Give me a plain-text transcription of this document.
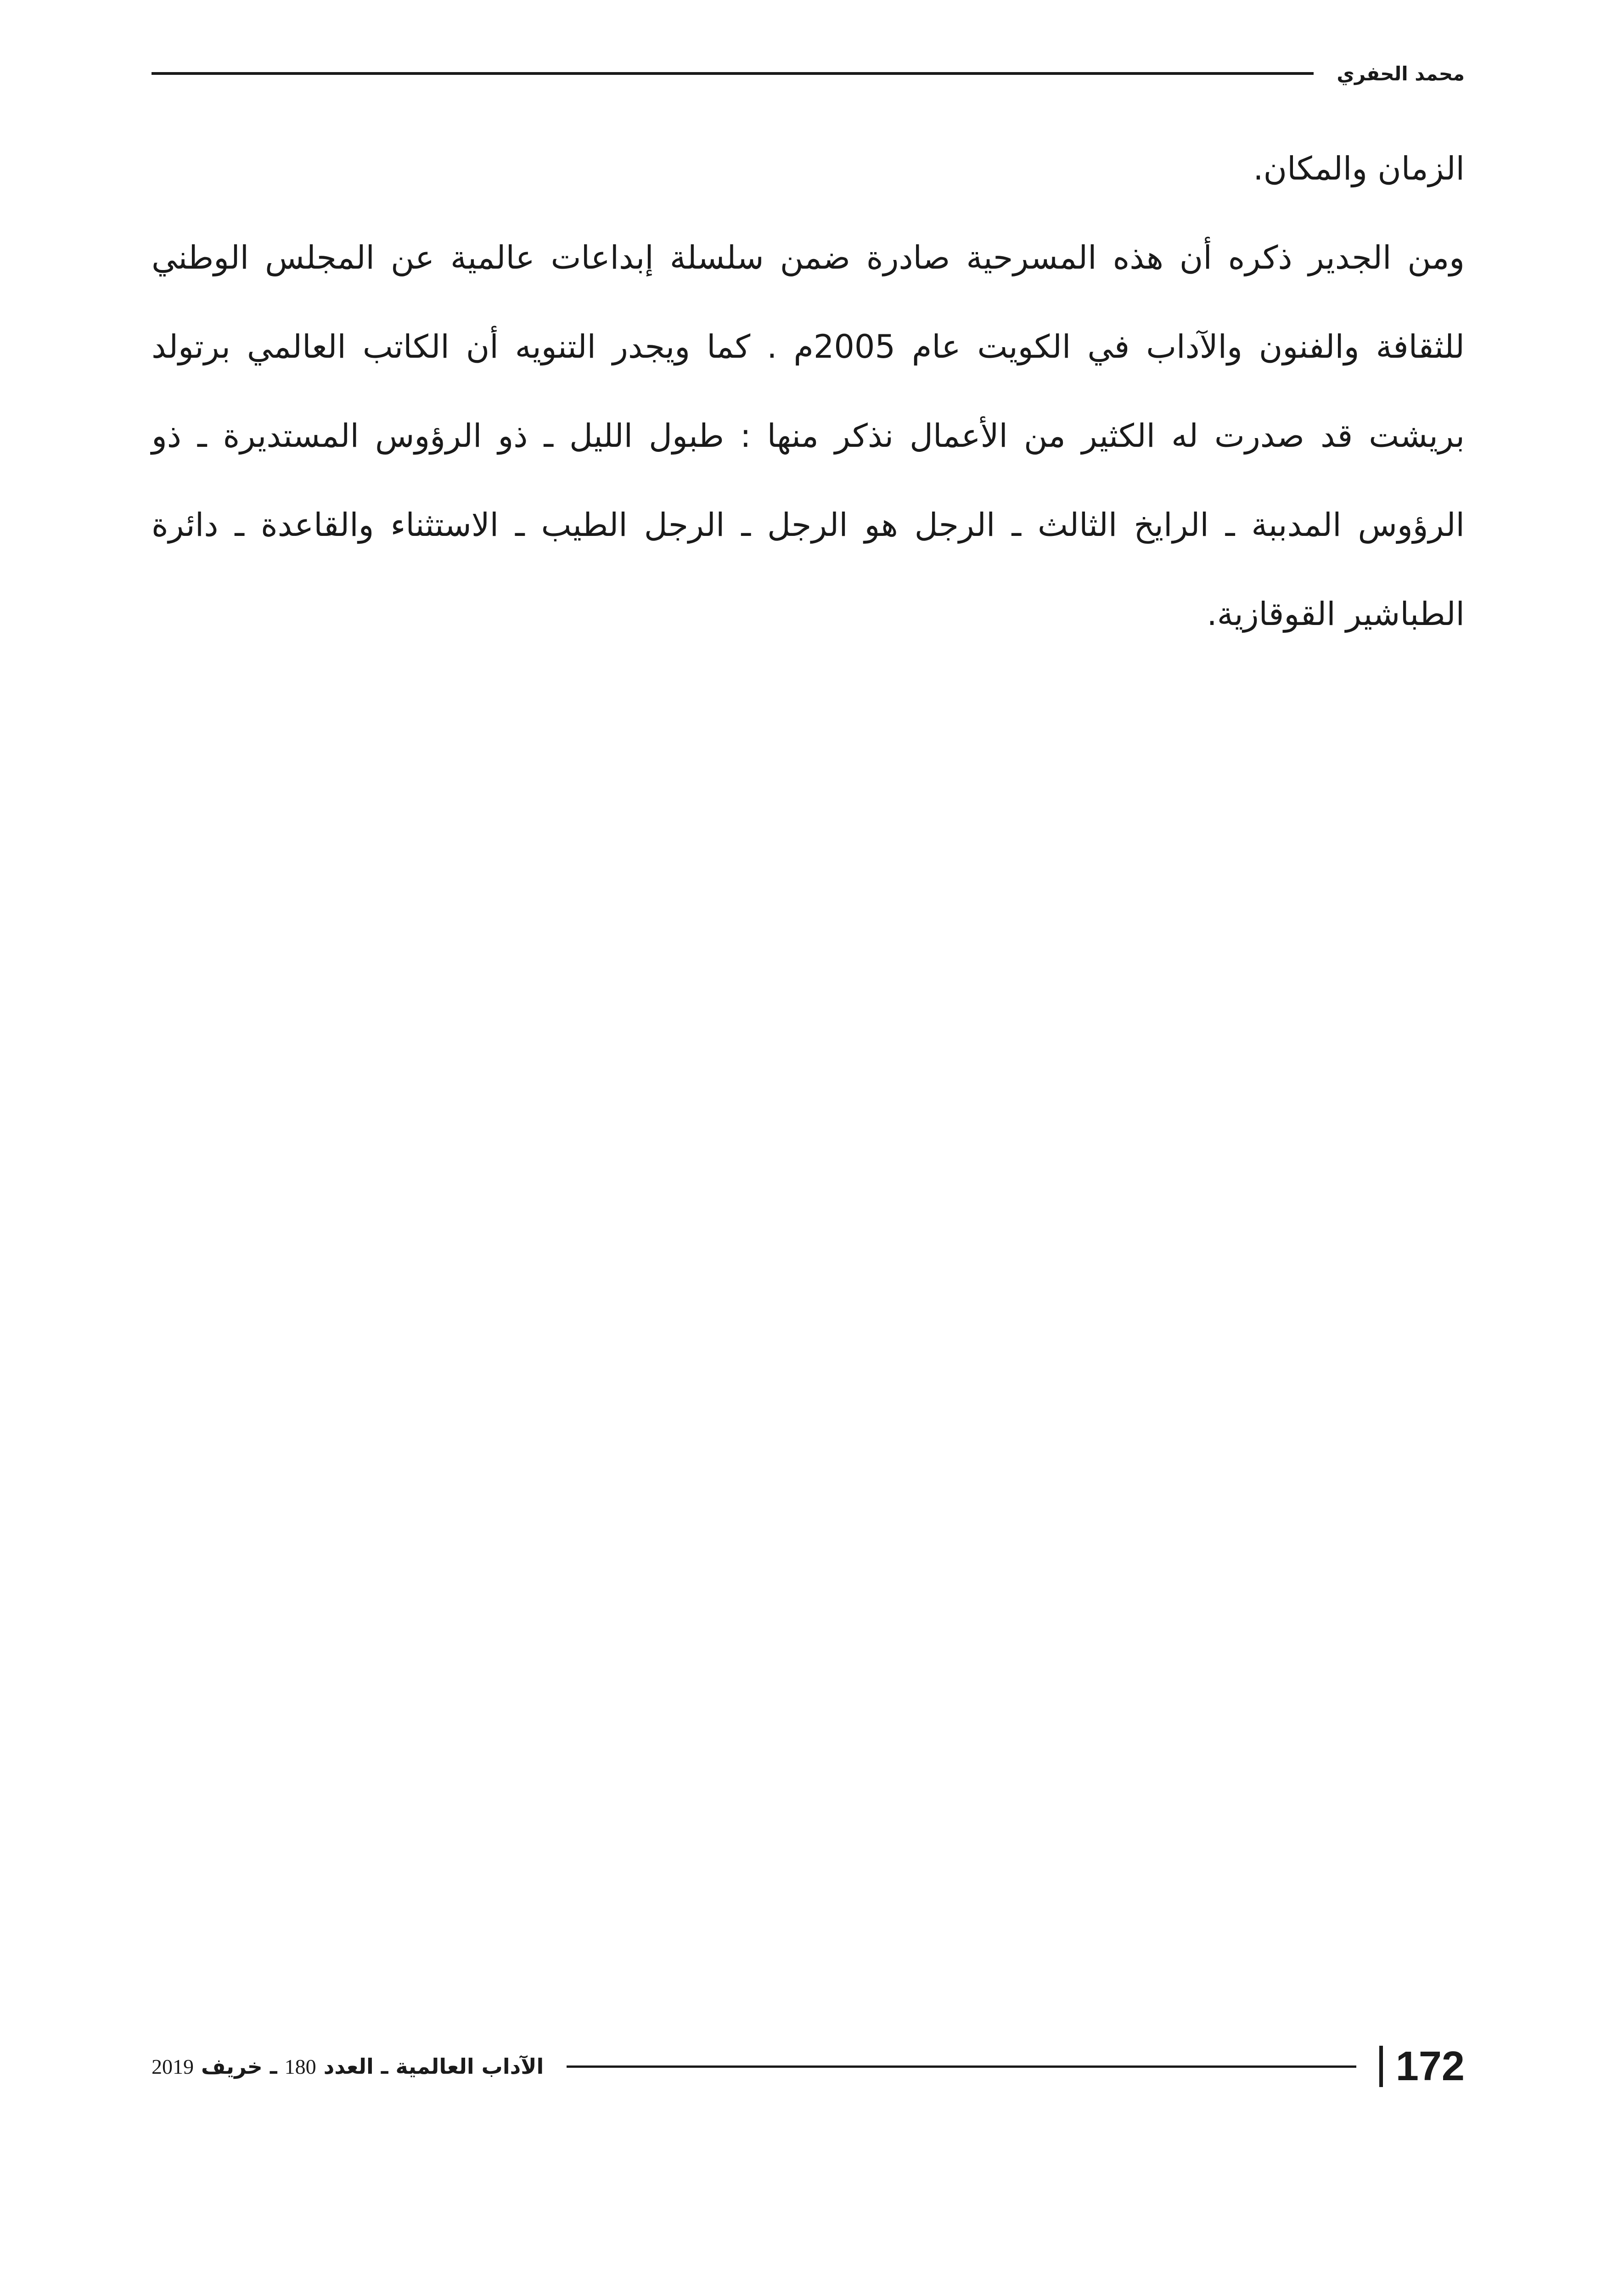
محمد الحفري

الزمان والمكان.

ومن الجدير ذكره أن هذه المسرحية صادرة ضمن سلسلة إبداعات عالمية عن المجلس الوطني للثقافة والفنون والآداب في الكويت عام 2005م . كما ويجدر التنويه أن الكاتب العالمي برتولد بريشت قد صدرت له الكثير من الأعمال نذكر منها : طبول الليل ـ ذو الرؤوس المستديرة ـ ذو الرؤوس المدببة ـ الرايخ الثالث ـ الرجل هو الرجل ـ الرجل الطيب ـ الاستثناء والقاعدة ـ دائرة الطباشير القوقازية.

172
الآداب العالمية ـ العدد 180 ـ خريف 2019
